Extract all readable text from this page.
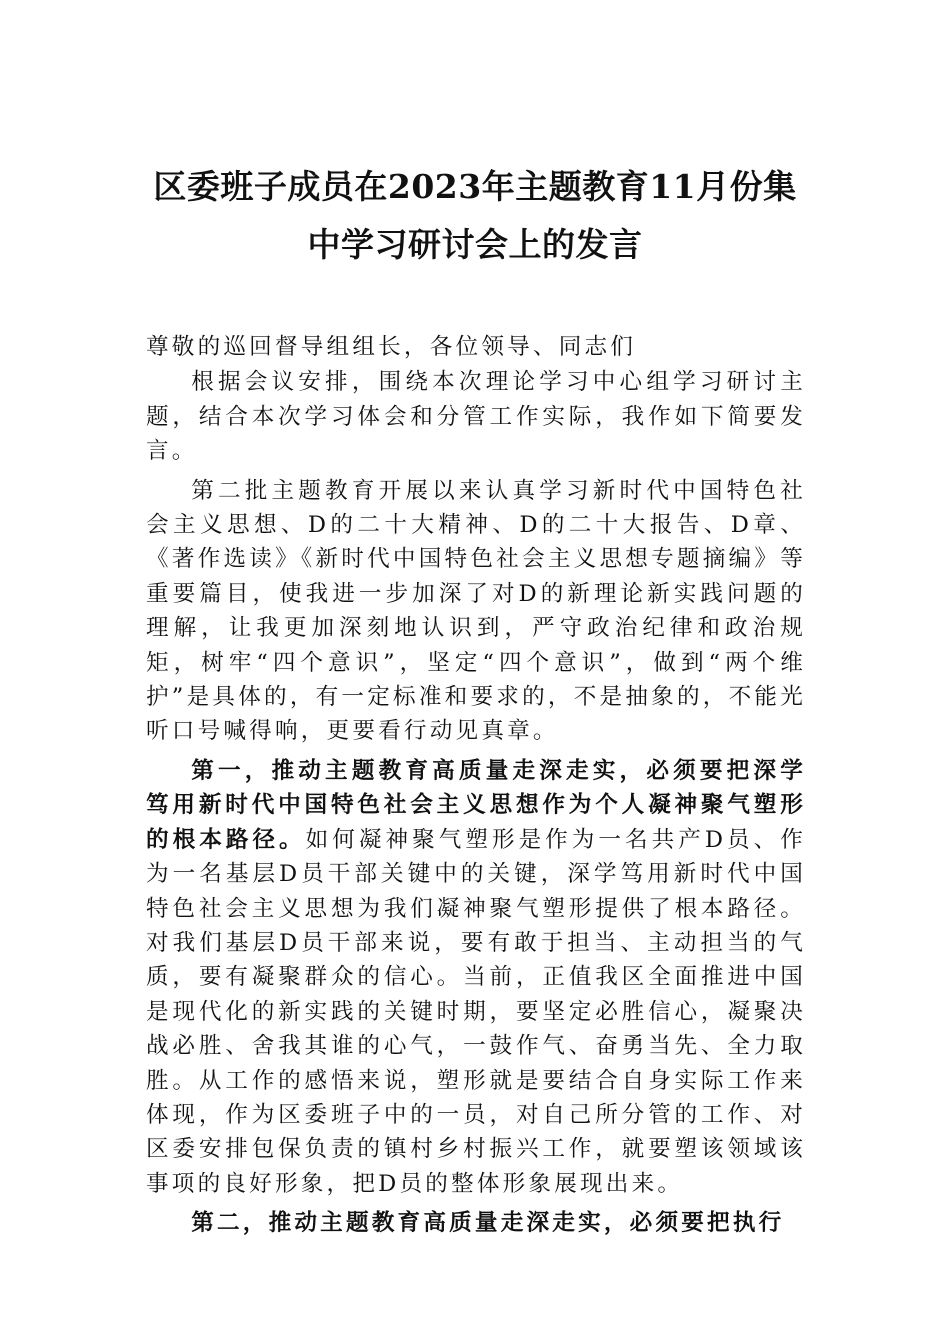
区委班子成员在2023年主题教育11月份集
中学习研讨会上的发言

尊敬的巡回督导组组长，各位领导、同志们

根据会议安排，围绕本次理论学习中心组学习研讨主题，结合本次学习体会和分管工作实际，我作如下简要发言。

第二批主题教育开展以来认真学习新时代中国特色社会主义思想、D的二十大精神、D的二十大报告、D章、《著作选读》《新时代中国特色社会主义思想专题摘编》等重要篇目，使我进一步加深了对D的新理论新实践问题的理解，让我更加深刻地认识到，严守政治纪律和政治规矩，树牢“四个意识”，坚定“四个意识”，做到“两个维护”是具体的，有一定标准和要求的，不是抽象的，不能光听口号喊得响，更要看行动见真章。

第一，推动主题教育高质量走深走实，必须要把深学笃用新时代中国特色社会主义思想作为个人凝神聚气塑形的根本路径。如何凝神聚气塑形是作为一名共产D员、作为一名基层D员干部关键中的关键，深学笃用新时代中国特色社会主义思想为我们凝神聚气塑形提供了根本路径。对我们基层D员干部来说，要有敢于担当、主动担当的气质，要有凝聚群众的信心。当前，正值我区全面推进中国是现代化的新实践的关键时期，要坚定必胜信心，凝聚决战必胜、舍我其谁的心气，一鼓作气、奋勇当先、全力取胜。从工作的感悟来说，塑形就是要结合自身实际工作来体现，作为区委班子中的一员，对自己所分管的工作、对区委安排包保负责的镇村乡村振兴工作，就要塑该领域该事项的良好形象，把D员的整体形象展现出来。

第二，推动主题教育高质量走深走实，必须要把执行
